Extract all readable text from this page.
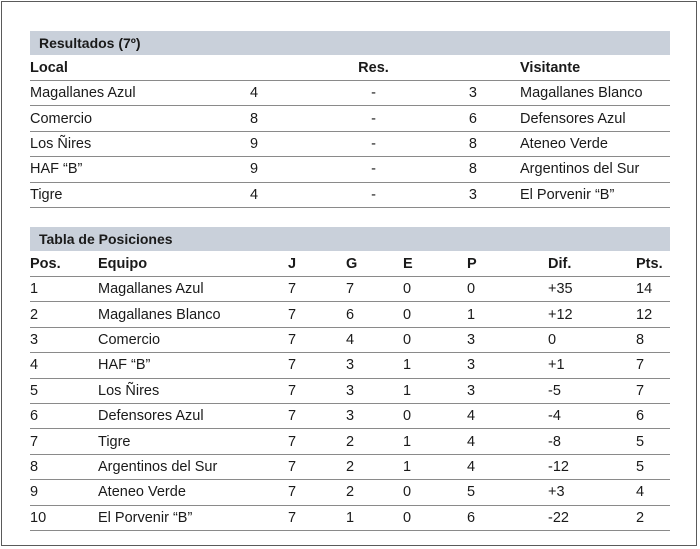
Resultados (7º)
Local		Res.		Visitante
Magallanes Azul	4	-	3	Magallanes Blanco
Comercio	8	-	6	Defensores Azul
Los Ñires	9	-	8	Ateneo Verde
HAF “B”	9	-	8	Argentinos del Sur
Tigre	4	-	3	El Porvenir “B”
Tabla de Posiciones
Pos.	Equipo	J	G	E	P	Dif.	Pts.
1	Magallanes Azul	7	7	0	0	+35	14
2	Magallanes Blanco	7	6	0	1	+12	12
3	Comercio	7	4	0	3	0	8
4	HAF “B”	7	3	1	3	+1	7
5	Los Ñires	7	3	1	3	-5	7
6	Defensores Azul	7	3	0	4	-4	6
7	Tigre	7	2	1	4	-8	5
8	Argentinos del Sur	7	2	1	4	-12	5
9	Ateneo Verde	7	2	0	5	+3	4
10	El Porvenir “B”	7	1	0	6	-22	2
